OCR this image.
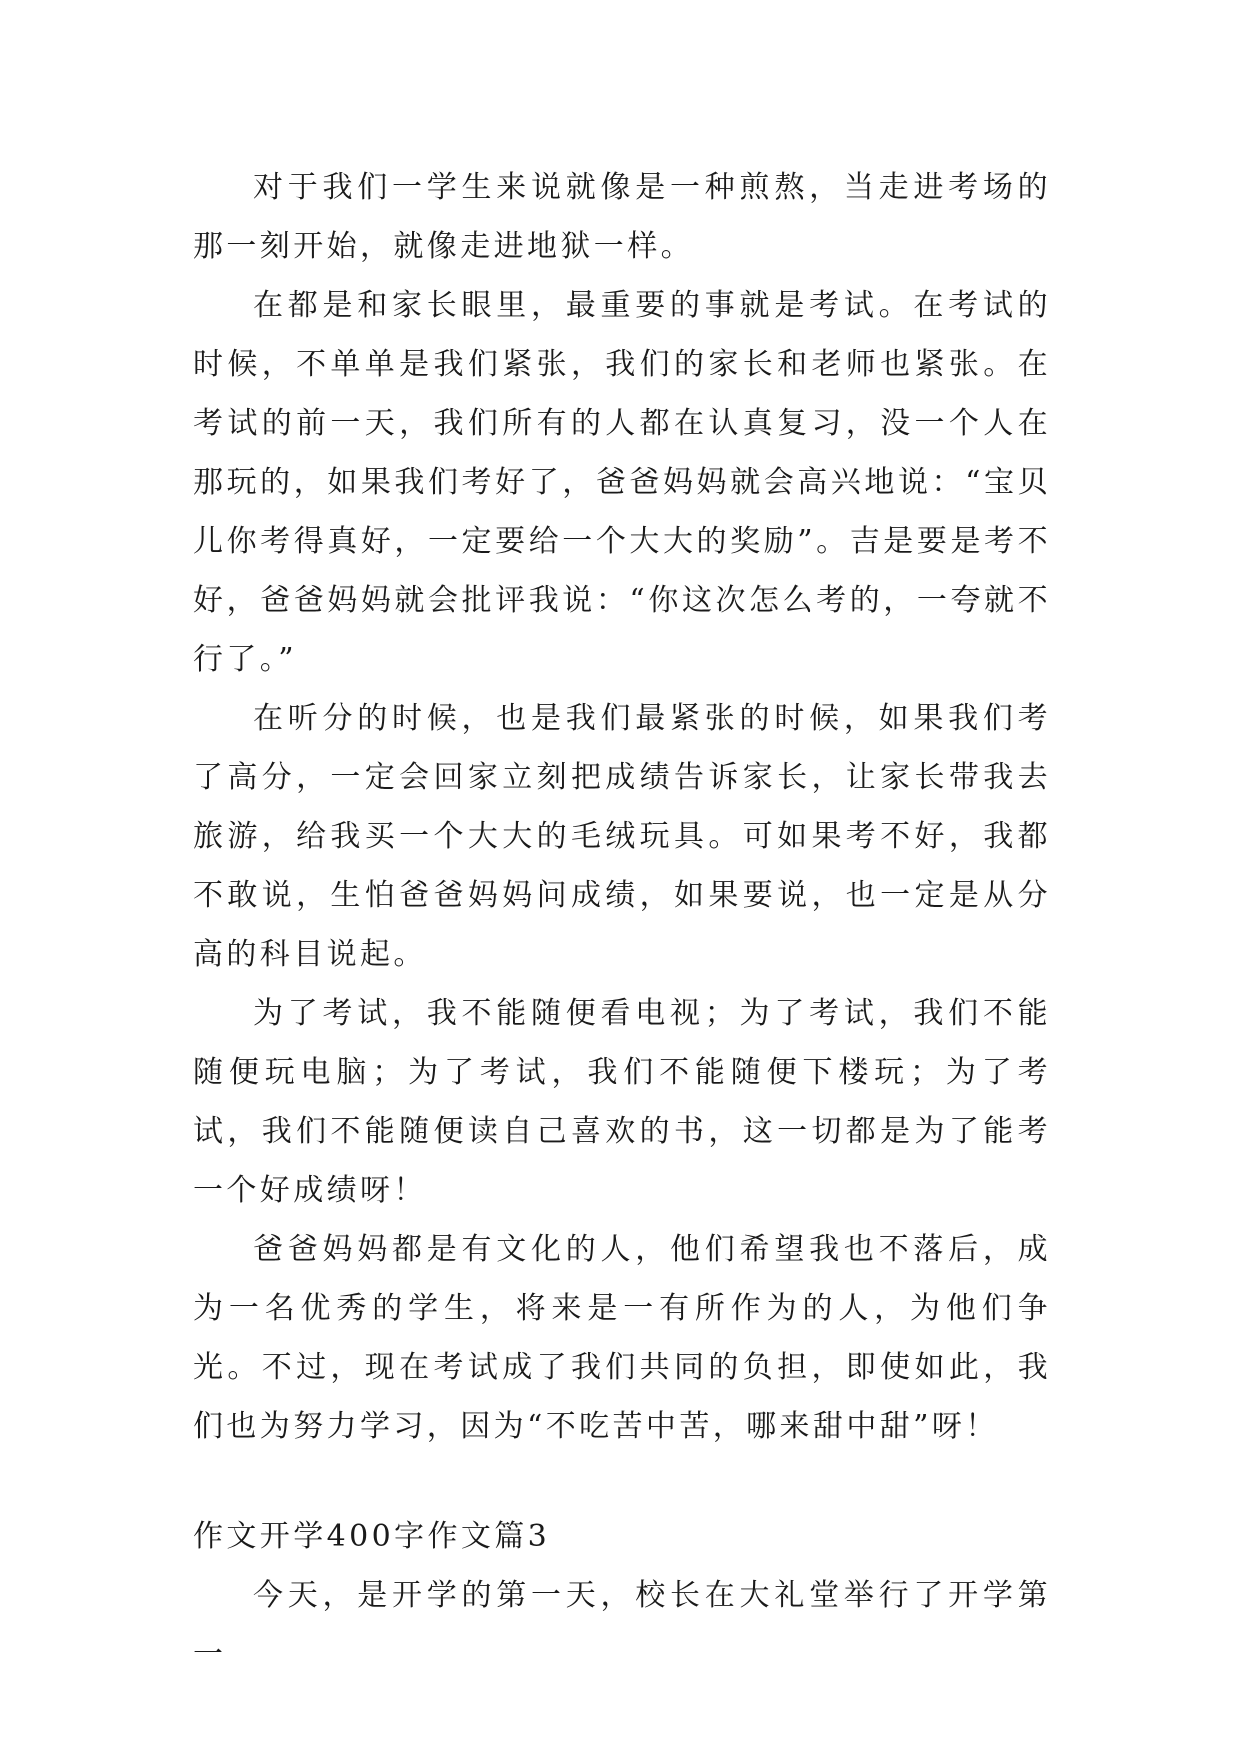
对于我们一学生来说就像是一种煎熬，当走进考场的那一刻开始，就像走进地狱一样。

在都是和家长眼里，最重要的事就是考试。在考试的时候，不单单是我们紧张，我们的家长和老师也紧张。在考试的前一天，我们所有的人都在认真复习，没一个人在那玩的，如果我们考好了，爸爸妈妈就会高兴地说：“宝贝儿你考得真好，一定要给一个大大的奖励”。吉是要是考不好，爸爸妈妈就会批评我说：“你这次怎么考的，一夸就不行了。”

在听分的时候，也是我们最紧张的时候，如果我们考了高分，一定会回家立刻把成绩告诉家长，让家长带我去旅游，给我买一个大大的毛绒玩具。可如果考不好，我都不敢说，生怕爸爸妈妈问成绩，如果要说，也一定是从分高的科目说起。

为了考试，我不能随便看电视；为了考试，我们不能随便玩电脑；为了考试，我们不能随便下楼玩；为了考试，我们不能随便读自己喜欢的书，这一切都是为了能考一个好成绩呀！

爸爸妈妈都是有文化的人，他们希望我也不落后，成为一名优秀的学生，将来是一有所作为的人，为他们争光。不过，现在考试成了我们共同的负担，即使如此，我们也为努力学习，因为“不吃苦中苦，哪来甜中甜”呀！

作文开学400字作文篇3

今天，是开学的第一天，校长在大礼堂举行了开学第一
